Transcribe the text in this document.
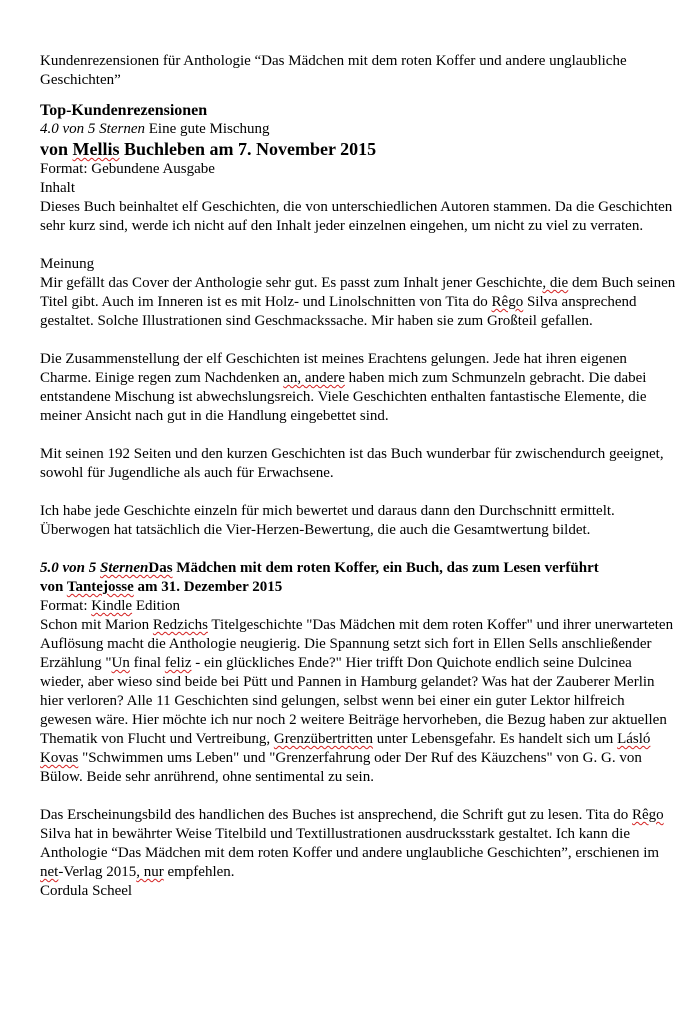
Kundenrezensionen für Anthologie “Das Mädchen mit dem roten Koffer und andere unglaubliche Geschichten”

Top-Kundenrezensionen

4.0 von 5 Sternen Eine gute Mischung

von Mellis Buchleben am 7. November 2015

Format: Gebundene Ausgabe

Inhalt

Dieses Buch beinhaltet elf Geschichten, die von unterschiedlichen Autoren stammen. Da die Geschichten sehr kurz sind, werde ich nicht auf den Inhalt jeder einzelnen eingehen, um nicht zu viel zu verraten.

Meinung

Mir gefällt das Cover der Anthologie sehr gut. Es passt zum Inhalt jener Geschichte, die dem Buch seinen Titel gibt. Auch im Inneren ist es mit Holz- und Linolschnitten von Tita do Rêgo Silva ansprechend gestaltet. Solche Illustrationen sind Geschmackssache. Mir haben sie zum Großteil gefallen.

Die Zusammenstellung der elf Geschichten ist meines Erachtens gelungen. Jede hat ihren eigenen Charme. Einige regen zum Nachdenken an, andere haben mich zum Schmunzeln gebracht. Die dabei entstandene Mischung ist abwechslungsreich. Viele Geschichten enthalten fantastische Elemente, die meiner Ansicht nach gut in die Handlung eingebettet sind.

Mit seinen 192 Seiten und den kurzen Geschichten ist das Buch wunderbar für zwischendurch geeignet, sowohl für Jugendliche als auch für Erwachsene.

Ich habe jede Geschichte einzeln für mich bewertet und daraus dann den Durchschnitt ermittelt. Überwogen hat tatsächlich die Vier-Herzen-Bewertung, die auch die Gesamtwertung bildet.

5.0 von 5 SternenDas Mädchen mit dem roten Koffer, ein Buch, das zum Lesen verführt

von Tantejosse am 31. Dezember 2015

Format: Kindle Edition

Schon mit Marion Redzichs Titelgeschichte "Das Mädchen mit dem roten Koffer" und ihrer unerwarteten Auflösung macht die Anthologie neugierig. Die Spannung setzt sich fort in Ellen Sells anschließender Erzählung "Un final feliz - ein glückliches Ende?" Hier trifft Don Quichote endlich seine Dulcinea wieder, aber wieso sind beide bei Pütt und Pannen in Hamburg gelandet? Was hat der Zauberer Merlin hier verloren? Alle 11 Geschichten sind gelungen, selbst wenn bei einer ein guter Lektor hilfreich gewesen wäre. Hier möchte ich nur noch 2 weitere Beiträge hervorheben, die Bezug haben zur aktuellen Thematik von Flucht und Vertreibung, Grenzübertritten unter Lebensgefahr. Es handelt sich um Lásló Kovas "Schwimmen ums Leben" und "Grenzerfahrung oder Der Ruf des Käuzchens" von G. G. von Bülow. Beide sehr anrührend, ohne sentimental zu sein.

Das Erscheinungsbild des handlichen des Buches ist ansprechend, die Schrift gut zu lesen. Tita do Rêgo Silva hat in bewährter Weise Titelbild und Textillustrationen ausdrucksstark gestaltet. Ich kann die Anthologie “Das Mädchen mit dem roten Koffer und andere unglaubliche Geschichten”, erschienen im net-Verlag 2015, nur empfehlen.

Cordula Scheel
